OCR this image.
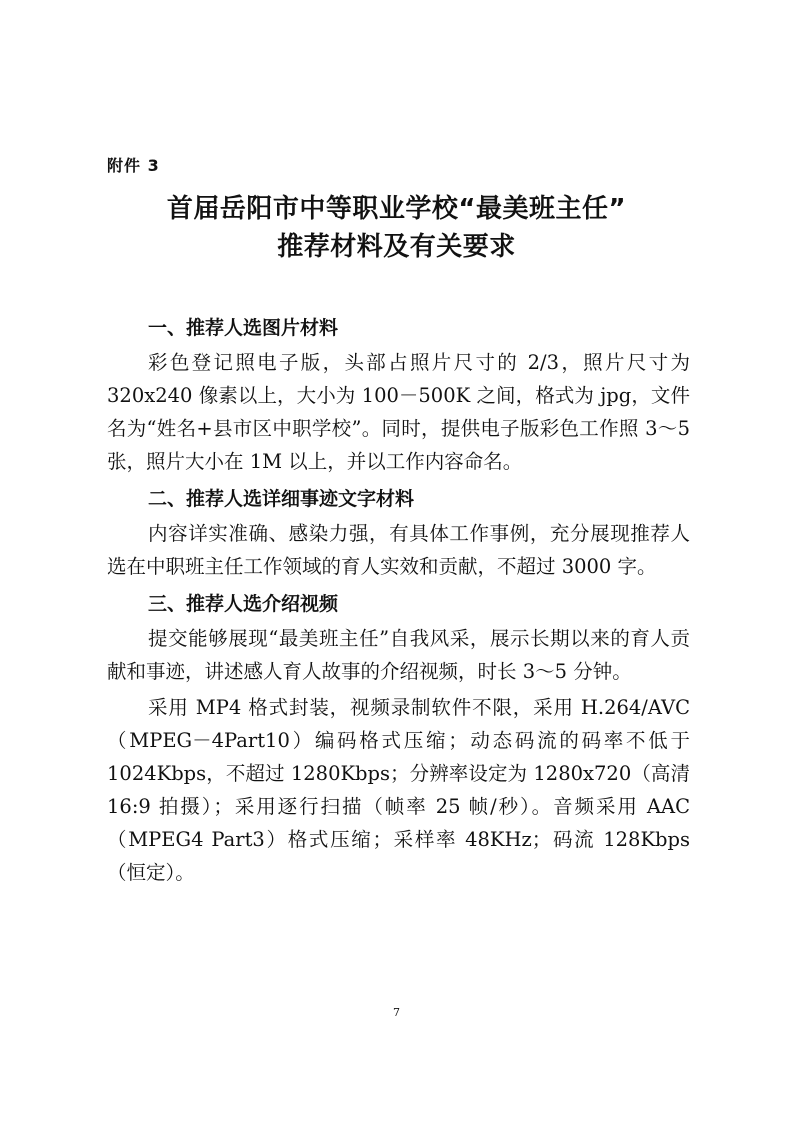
附件 3
首届岳阳市中等职业学校“最美班主任”
推荐材料及有关要求
一、推荐人选图片材料

彩色登记照电子版，头部占照片尺寸的 2/3，照片尺寸为 320x240 像素以上，大小为 100－500K 之间，格式为 jpg，文件名为“姓名+县市区中职学校”。同时，提供电子版彩色工作照 3～5 张，照片大小在 1M 以上，并以工作内容命名。

二、推荐人选详细事迹文字材料

内容详实准确、感染力强，有具体工作事例，充分展现推荐人选在中职班主任工作领域的育人实效和贡献，不超过 3000 字。

三、推荐人选介绍视频

提交能够展现“最美班主任”自我风采，展示长期以来的育人贡献和事迹，讲述感人育人故事的介绍视频，时长 3～5 分钟。

采用 MP4 格式封装，视频录制软件不限，采用 H.264/AVC（MPEG－4Part10）编码格式压缩；动态码流的码率不低于 1024Kbps，不超过 1280Kbps；分辨率设定为 1280x720（高清 16:9 拍摄）；采用逐行扫描（帧率 25 帧/秒）。音频采用 AAC（MPEG4 Part3）格式压缩；采样率 48KHz；码流 128Kbps （恒定）。

7
